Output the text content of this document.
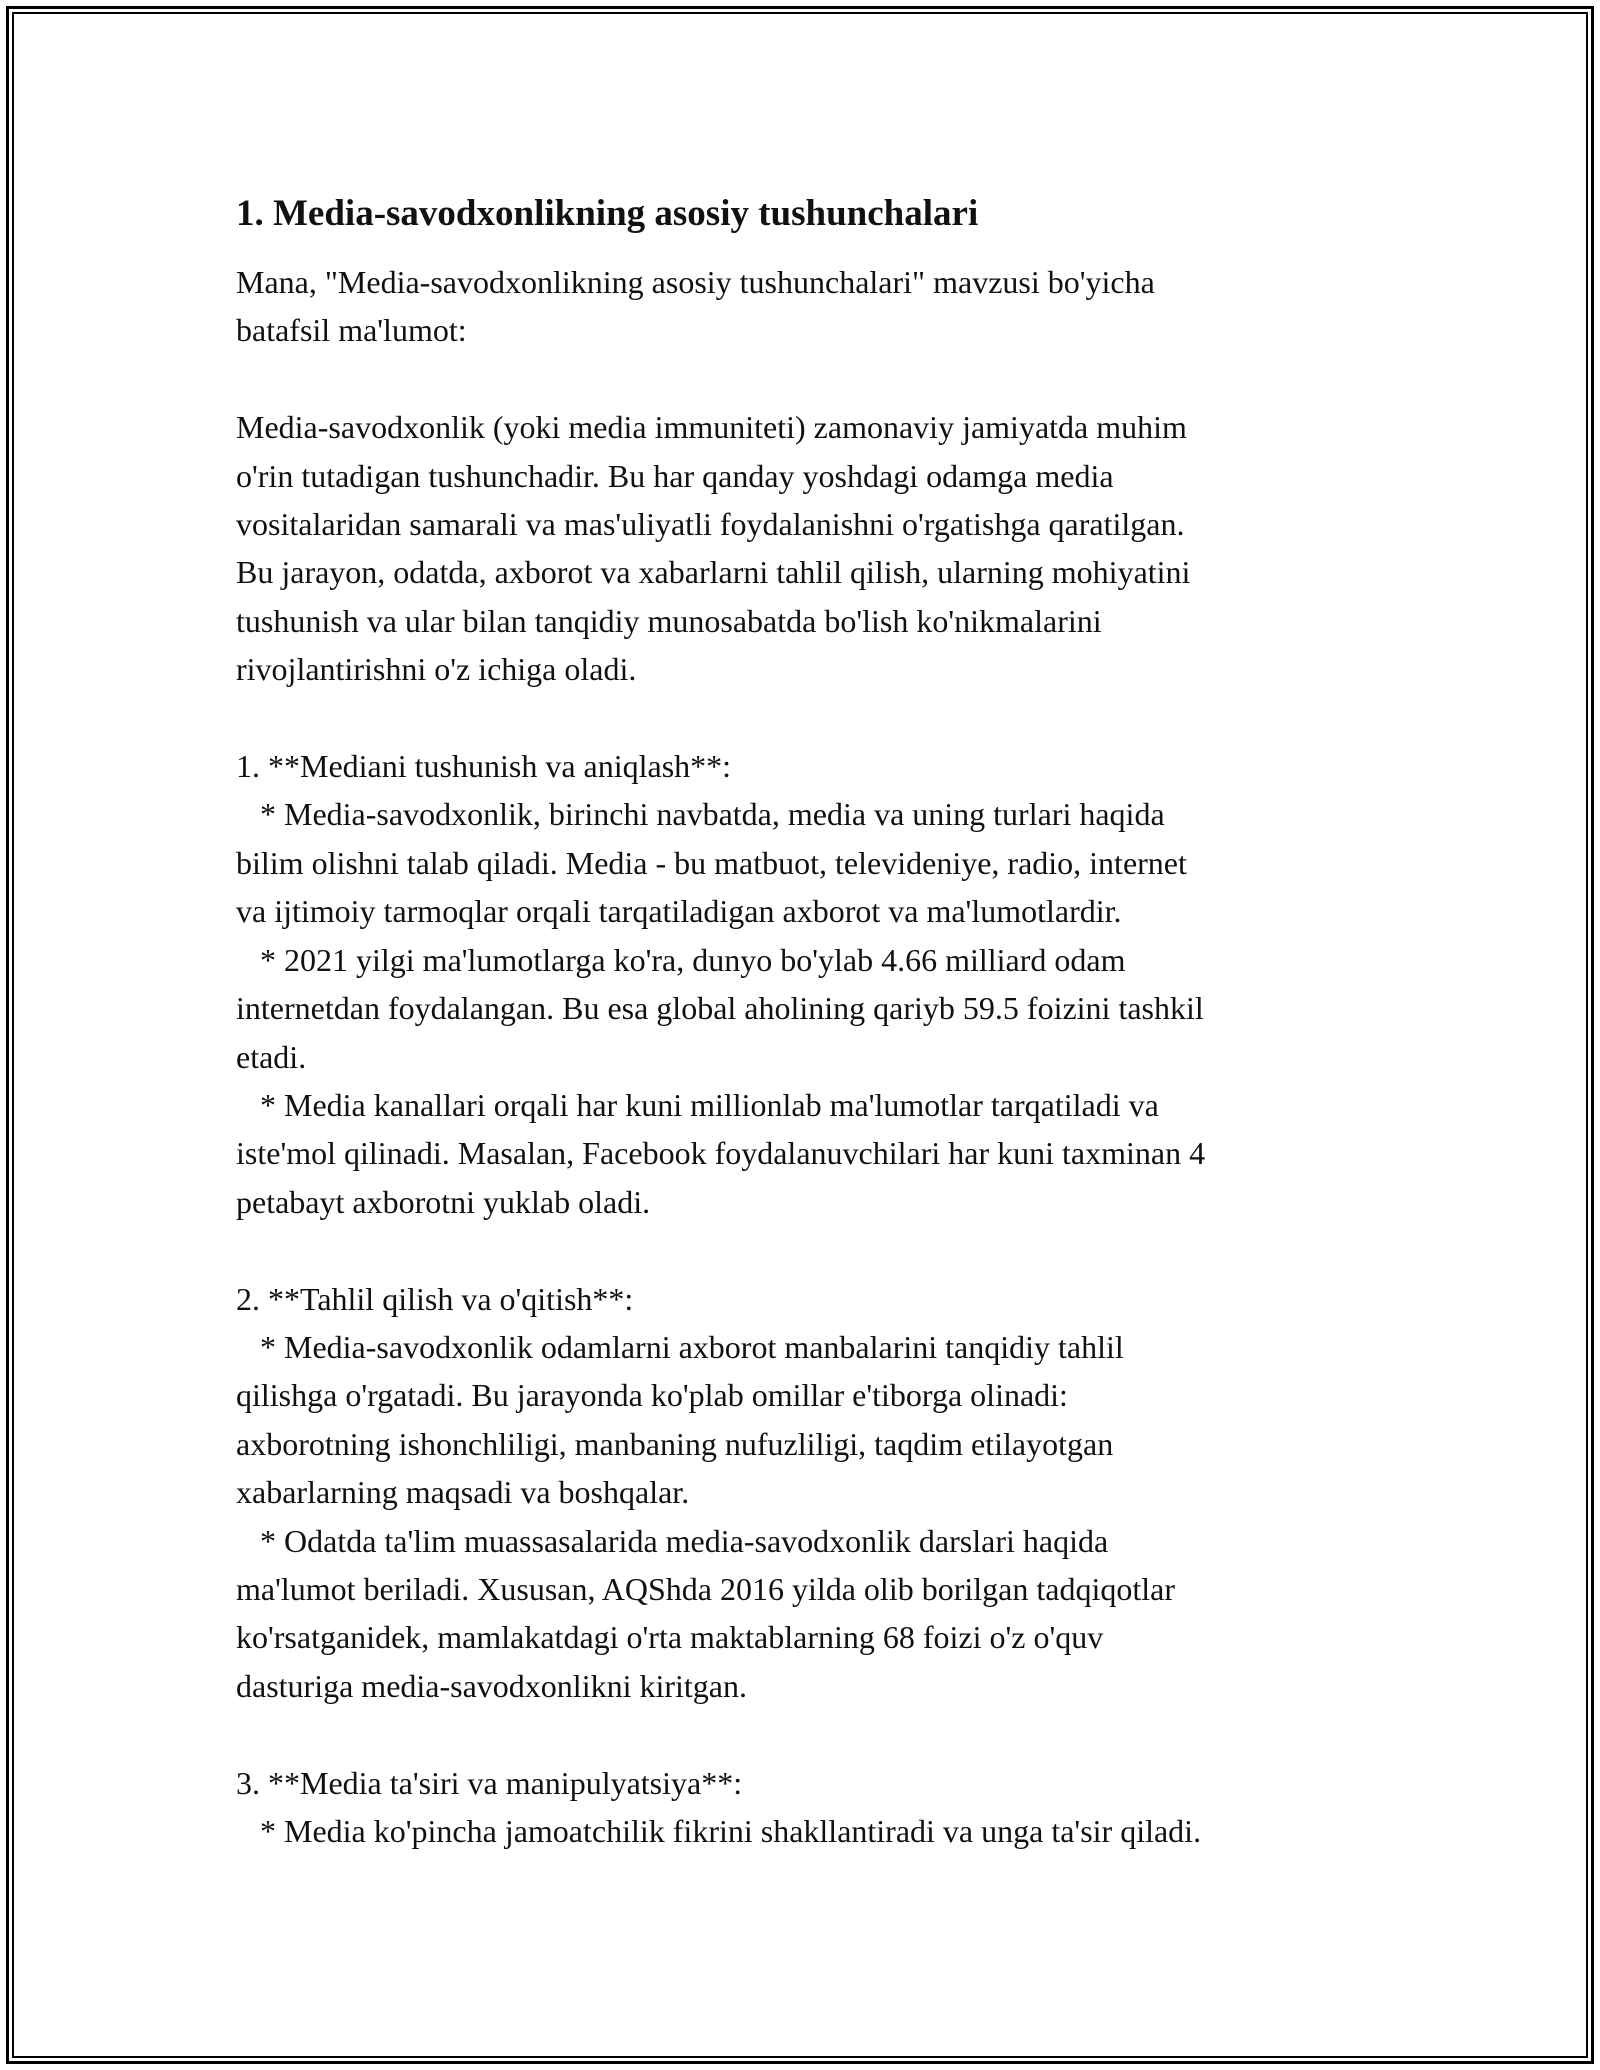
1. Media-savodxonlikning asosiy tushunchalari
Mana, "Media-savodxonlikning asosiy tushunchalari" mavzusi bo'yicha
batafsil ma'lumot:

Media-savodxonlik (yoki media immuniteti) zamonaviy jamiyatda muhim
o'rin tutadigan tushunchadir. Bu har qanday yoshdagi odamga media
vositalaridan samarali va mas'uliyatli foydalanishni o'rgatishga qaratilgan.
Bu jarayon, odatda, axborot va xabarlarni tahlil qilish, ularning mohiyatini
tushunish va ular bilan tanqidiy munosabatda bo'lish ko'nikmalarini
rivojlantirishni o'z ichiga oladi.

1. **Mediani tushunish va aniqlash**:
* Media-savodxonlik, birinchi navbatda, media va uning turlari haqida
bilim olishni talab qiladi. Media - bu matbuot, televideniye, radio, internet
va ijtimoiy tarmoqlar orqali tarqatiladigan axborot va ma'lumotlardir.
* 2021 yilgi ma'lumotlarga ko'ra, dunyo bo'ylab 4.66 milliard odam
internetdan foydalangan. Bu esa global aholining qariyb 59.5 foizini tashkil
etadi.
* Media kanallari orqali har kuni millionlab ma'lumotlar tarqatiladi va
iste'mol qilinadi. Masalan, Facebook foydalanuvchilari har kuni taxminan 4
petabayt axborotni yuklab oladi.

2. **Tahlil qilish va o'qitish**:
* Media-savodxonlik odamlarni axborot manbalarini tanqidiy tahlil
qilishga o'rgatadi. Bu jarayonda ko'plab omillar e'tiborga olinadi:
axborotning ishonchliligi, manbaning nufuzliligi, taqdim etilayotgan
xabarlarning maqsadi va boshqalar.
* Odatda ta'lim muassasalarida media-savodxonlik darslari haqida
ma'lumot beriladi. Xususan, AQShda 2016 yilda olib borilgan tadqiqotlar
ko'rsatganidek, mamlakatdagi o'rta maktablarning 68 foizi o'z o'quv
dasturiga media-savodxonlikni kiritgan.

3. **Media ta'siri va manipulyatsiya**:
* Media ko'pincha jamoatchilik fikrini shakllantiradi va unga ta'sir qiladi.
